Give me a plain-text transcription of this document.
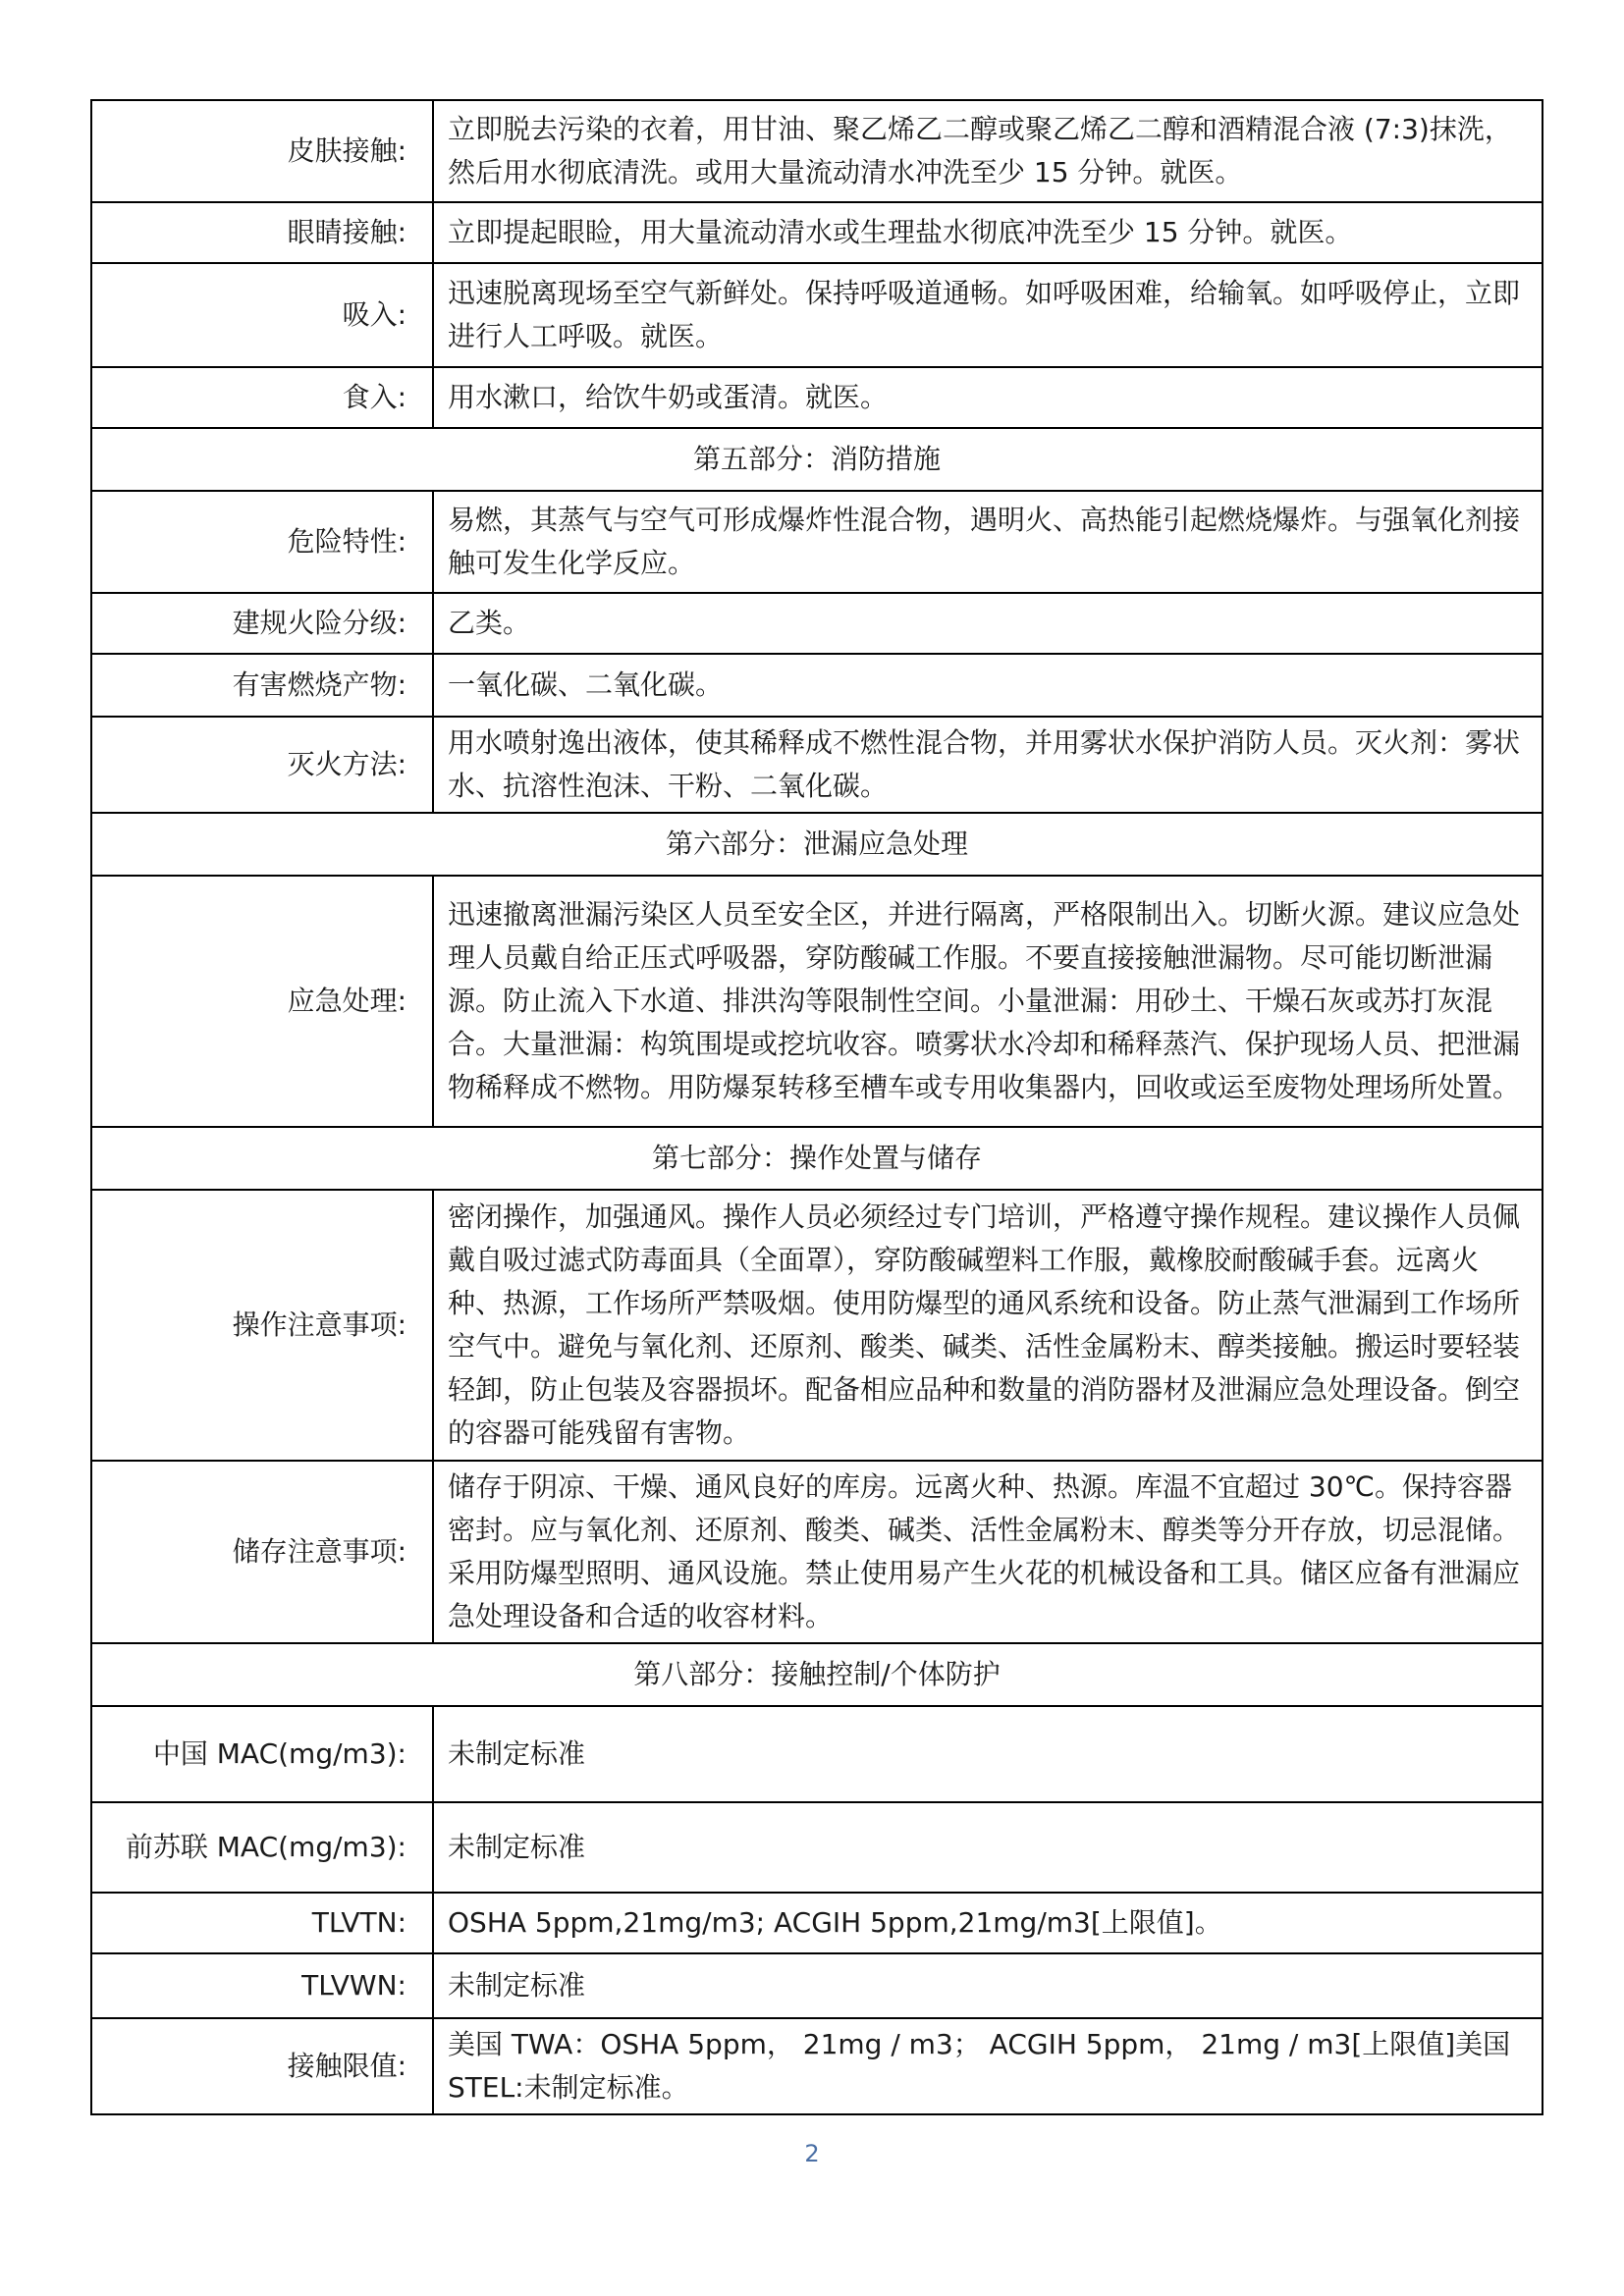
皮肤接触:	立即脱去污染的衣着，用甘油、聚乙烯乙二醇或聚乙烯乙二醇和酒精混合液 (7:3)抹洗，然后用水彻底清洗。或用大量流动清水冲洗至少 15 分钟。就医。
眼睛接触:	立即提起眼睑，用大量流动清水或生理盐水彻底冲洗至少 15 分钟。就医。
吸入:	迅速脱离现场至空气新鲜处。保持呼吸道通畅。如呼吸困难，给输氧。如呼吸停止，立即进行人工呼吸。就医。
食入:	用水漱口，给饮牛奶或蛋清。就医。
第五部分：消防措施	
危险特性:	易燃，其蒸气与空气可形成爆炸性混合物，遇明火、高热能引起燃烧爆炸。与强氧化剂接触可发生化学反应。
建规火险分级:	乙类。
有害燃烧产物:	一氧化碳、二氧化碳。
灭火方法:	用水喷射逸出液体，使其稀释成不燃性混合物，并用雾状水保护消防人员。灭火剂：雾状水、抗溶性泡沫、干粉、二氧化碳。
第六部分：泄漏应急处理	
应急处理:	迅速撤离泄漏污染区人员至安全区，并进行隔离，严格限制出入。切断火源。建议应急处理人员戴自给正压式呼吸器，穿防酸碱工作服。不要直接接触泄漏物。尽可能切断泄漏源。防止流入下水道、排洪沟等限制性空间。小量泄漏：用砂土、干燥石灰或苏打灰混合。大量泄漏：构筑围堤或挖坑收容。喷雾状水冷却和稀释蒸汽、保护现场人员、把泄漏物稀释成不燃物。用防爆泵转移至槽车或专用收集器内，回收或运至废物处理场所处置。
第七部分：操作处置与储存	
操作注意事项:	密闭操作，加强通风。操作人员必须经过专门培训，严格遵守操作规程。建议操作人员佩戴自吸过滤式防毒面具（全面罩），穿防酸碱塑料工作服，戴橡胶耐酸碱手套。远离火种、热源，工作场所严禁吸烟。使用防爆型的通风系统和设备。防止蒸气泄漏到工作场所空气中。避免与氧化剂、还原剂、酸类、碱类、活性金属粉末、醇类接触。搬运时要轻装轻卸，防止包装及容器损坏。配备相应品种和数量的消防器材及泄漏应急处理设备。倒空的容器可能残留有害物。
储存注意事项:	储存于阴凉、干燥、通风良好的库房。远离火种、热源。库温不宜超过 30℃。保持容器密封。应与氧化剂、还原剂、酸类、碱类、活性金属粉末、醇类等分开存放，切忌混储。采用防爆型照明、通风设施。禁止使用易产生火花的机械设备和工具。储区应备有泄漏应急处理设备和合适的收容材料。
第八部分：接触控制/个体防护	
中国 MAC(mg/m3):	未制定标准
前苏联 MAC(mg/m3):	未制定标准
TLVTN:	OSHA 5ppm,21mg/m3; ACGIH 5ppm,21mg/m3[上限值]。
TLVWN:	未制定标准
接触限值:	美国 TWA：OSHA 5ppm， 21mg / m3； ACGIH 5ppm， 21mg / m3[上限值]美国 STEL:未制定标准。
2
